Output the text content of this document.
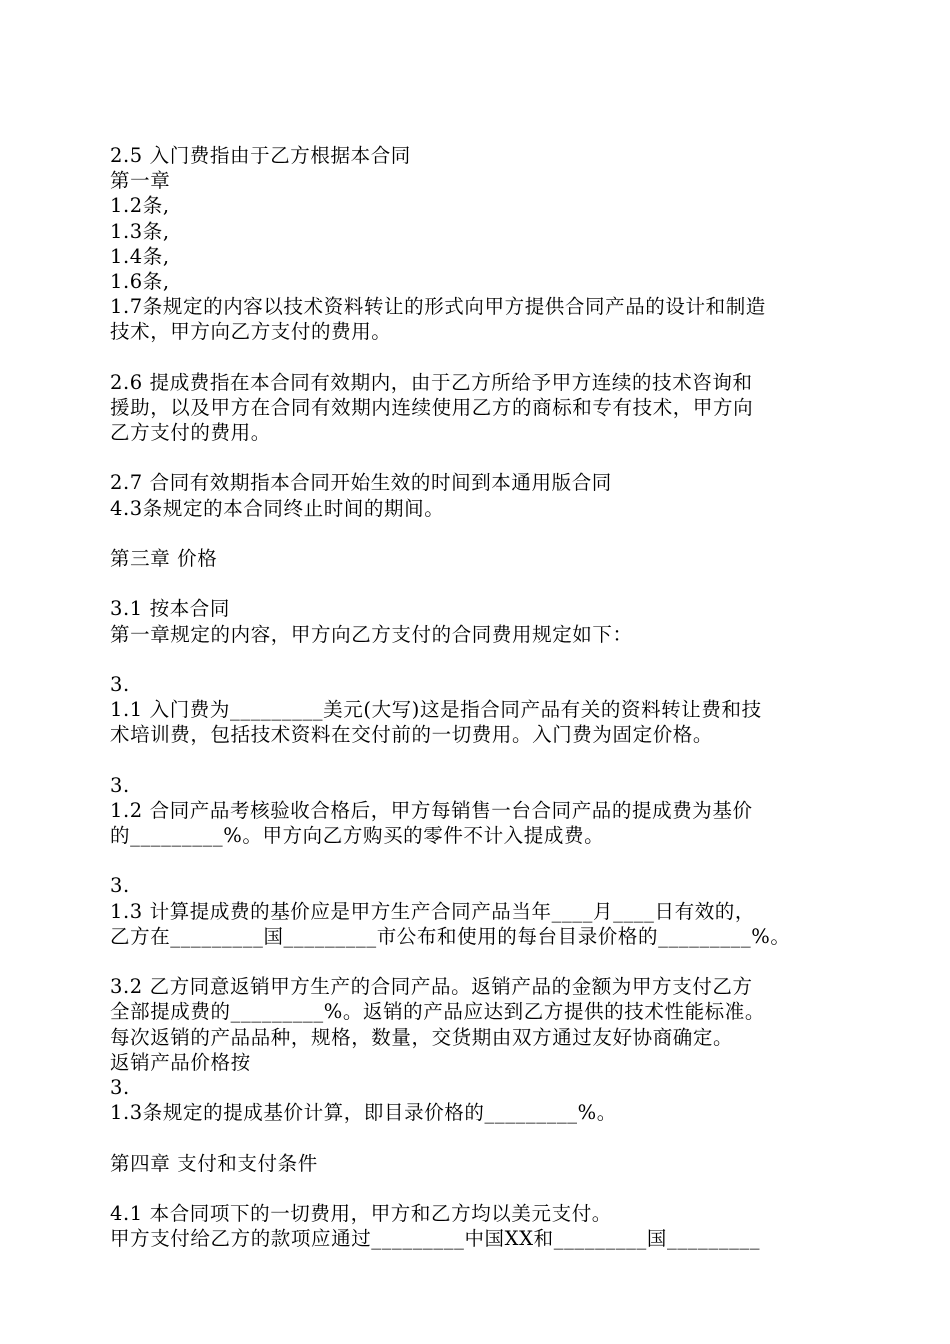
2.5 入门费指由于乙方根据本合同
第一章
1.2条,
1.3条,
1.4条,
1.6条,
1.7条规定的内容以技术资料转让的形式向甲方提供合同产品的设计和制造
技术，甲方向乙方支付的费用。
2.6 提成费指在本合同有效期内，由于乙方所给予甲方连续的技术咨询和
援助，以及甲方在合同有效期内连续使用乙方的商标和专有技术，甲方向
乙方支付的费用。
2.7 合同有效期指本合同开始生效的时间到本通用版合同
4.3条规定的本合同终止时间的期间。
第三章 价格
3.1 按本合同
第一章规定的内容，甲方向乙方支付的合同费用规定如下：
3.
1.1 入门费为_________美元(大写)这是指合同产品有关的资料转让费和技
术培训费，包括技术资料在交付前的一切费用。入门费为固定价格。
3.
1.2 合同产品考核验收合格后，甲方每销售一台合同产品的提成费为基价
的_________%。甲方向乙方购买的零件不计入提成费。
3.
1.3 计算提成费的基价应是甲方生产合同产品当年____月____日有效的，
乙方在_________国_________市公布和使用的每台目录价格的_________%。
3.2 乙方同意返销甲方生产的合同产品。返销产品的金额为甲方支付乙方
全部提成费的_________%。返销的产品应达到乙方提供的技术性能标准。
每次返销的产品品种，规格，数量，交货期由双方通过友好协商确定。
返销产品价格按
3.
1.3条规定的提成基价计算，即目录价格的_________%。
第四章 支付和支付条件
4.1 本合同项下的一切费用，甲方和乙方均以美元支付。
甲方支付给乙方的款项应通过_________中国XX和_________国_________
